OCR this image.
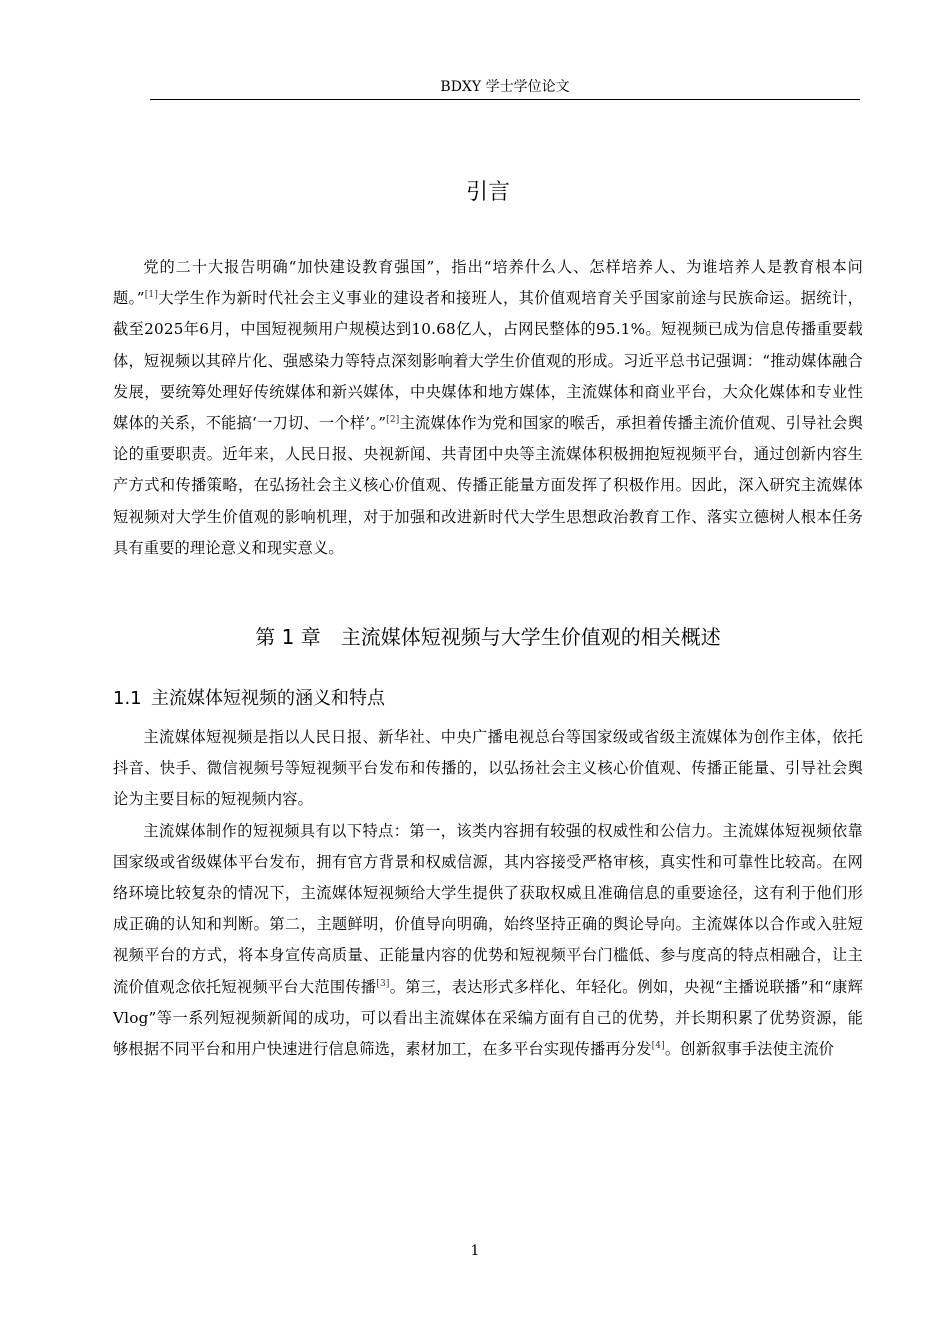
BDXY 学士学位论文
引言

党的二十大报告明确“加快建设教育强国”，指出“培养什么人、怎样培养人、为谁培养人是教育根本问题。”[1]大学生作为新时代社会主义事业的建设者和接班人，其价值观培育关乎国家前途与民族命运。据统计，截至2025年6月，中国短视频用户规模达到10.68亿人，占网民整体的95.1%。短视频已成为信息传播重要载体，短视频以其碎片化、强感染力等特点深刻影响着大学生价值观的形成。习近平总书记强调：“推动媒体融合发展，要统筹处理好传统媒体和新兴媒体，中央媒体和地方媒体，主流媒体和商业平台，大众化媒体和专业性媒体的关系，不能搞‘一刀切、一个样’。”[2]主流媒体作为党和国家的喉舌，承担着传播主流价值观、引导社会舆论的重要职责。近年来，人民日报、央视新闻、共青团中央等主流媒体积极拥抱短视频平台，通过创新内容生产方式和传播策略，在弘扬社会主义核心价值观、传播正能量方面发挥了积极作用。因此，深入研究主流媒体短视频对大学生价值观的影响机理，对于加强和改进新时代大学生思想政治教育工作、落实立德树人根本任务具有重要的理论意义和现实意义。

第 1 章　主流媒体短视频与大学生价值观的相关概述
1.1 主流媒体短视频的涵义和特点

主流媒体短视频是指以人民日报、新华社、中央广播电视总台等国家级或省级主流媒体为创作主体，依托抖音、快手、微信视频号等短视频平台发布和传播的，以弘扬社会主义核心价值观、传播正能量、引导社会舆论为主要目标的短视频内容。

主流媒体制作的短视频具有以下特点：第一，该类内容拥有较强的权威性和公信力。主流媒体短视频依靠国家级或省级媒体平台发布，拥有官方背景和权威信源，其内容接受严格审核，真实性和可靠性比较高。在网络环境比较复杂的情况下，主流媒体短视频给大学生提供了获取权威且准确信息的重要途径，这有利于他们形成正确的认知和判断。第二，主题鲜明，价值导向明确，始终坚持正确的舆论导向。主流媒体以合作或入驻短视频平台的方式，将本身宣传高质量、正能量内容的优势和短视频平台门槛低、参与度高的特点相融合，让主流价值观念依托短视频平台大范围传播[3]。第三，表达形式多样化、年轻化。例如，央视“主播说联播”和“康辉Vlog”等一系列短视频新闻的成功，可以看出主流媒体在采编方面有自己的优势，并长期积累了优势资源，能够根据不同平台和用户快速进行信息筛选，素材加工，在多平台实现传播再分发[4]。创新叙事手法使主流价

1
